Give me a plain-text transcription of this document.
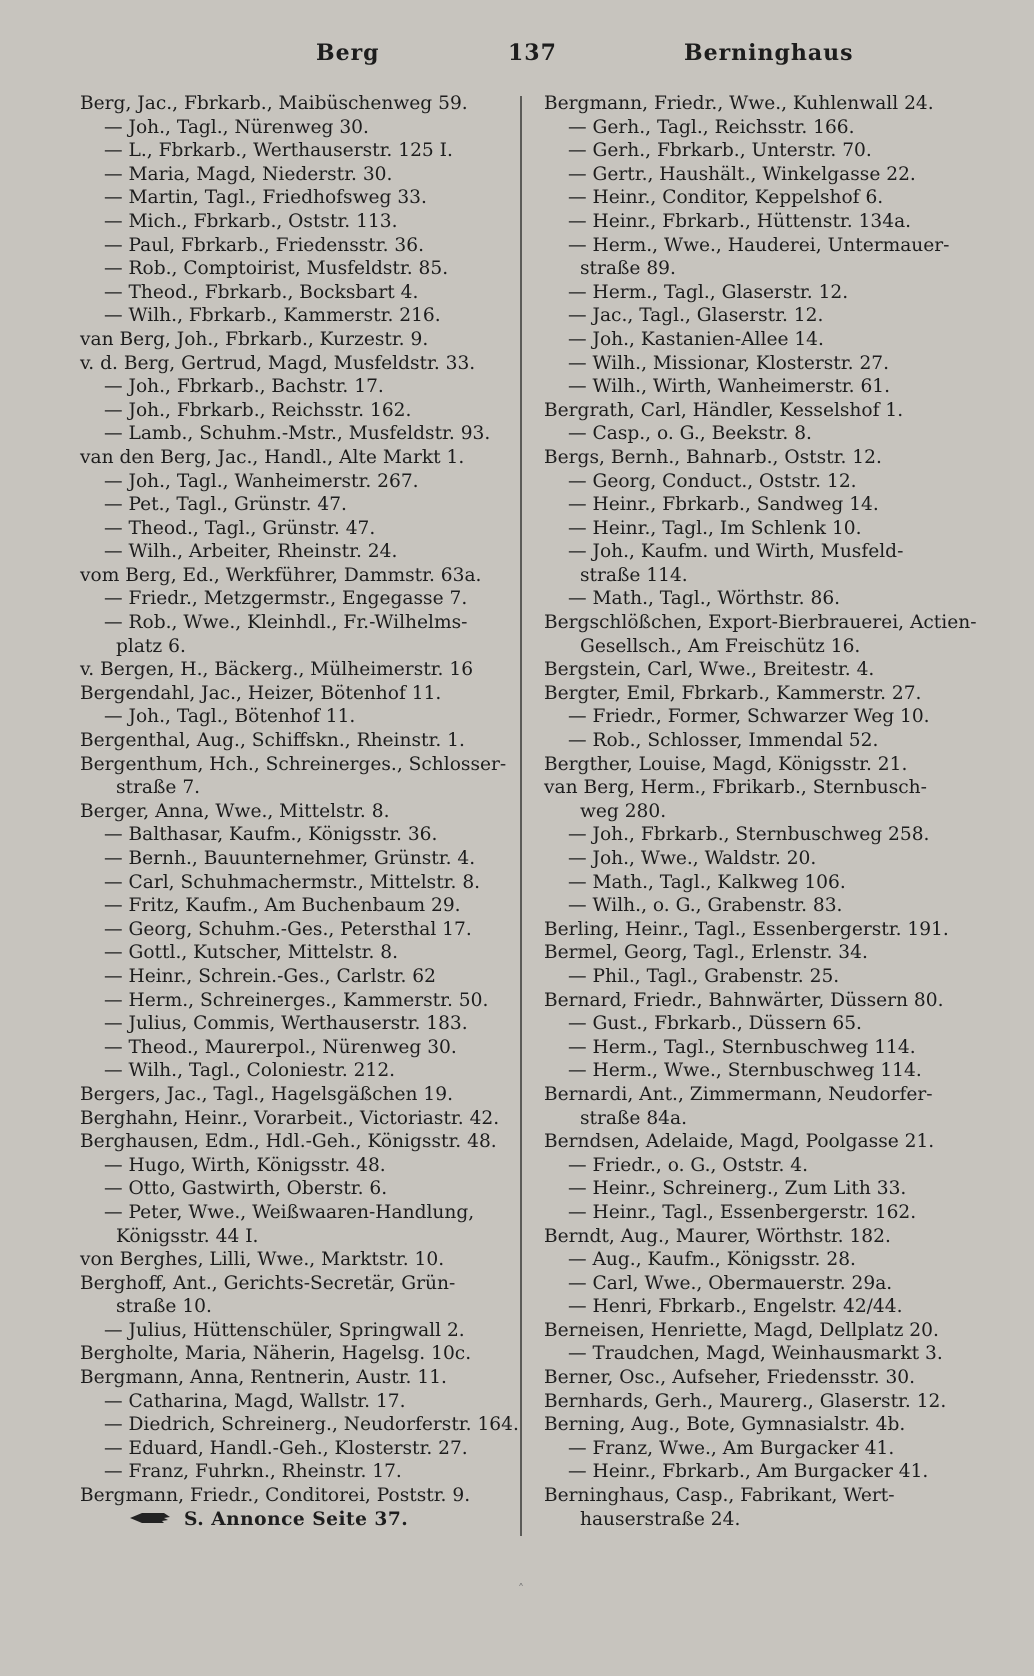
Berg	137	Berninghaus
Berg, Jac., Fbrkarb., Maibüschenweg 59.
— Joh., Tagl., Nürenweg 30.
— L., Fbrkarb., Werthauserstr. 125 I.
— Maria, Magd, Niederstr. 30.
— Martin, Tagl., Friedhofsweg 33.
— Mich., Fbrkarb., Oststr. 113.
— Paul, Fbrkarb., Friedensstr. 36.
— Rob., Comptoirist, Musfeldstr. 85.
— Theod., Fbrkarb., Bocksbart 4.
— Wilh., Fbrkarb., Kammerstr. 216.
van Berg, Joh., Fbrkarb., Kurzestr. 9.
v. d. Berg, Gertrud, Magd, Musfeldstr. 33.
— Joh., Fbrkarb., Bachstr. 17.
— Joh., Fbrkarb., Reichsstr. 162.
— Lamb., Schuhm.-Mstr., Musfeldstr. 93.
van den Berg, Jac., Handl., Alte Markt 1.
— Joh., Tagl., Wanheimerstr. 267.
— Pet., Tagl., Grünstr. 47.
— Theod., Tagl., Grünstr. 47.
— Wilh., Arbeiter, Rheinstr. 24.
vom Berg, Ed., Werkführer, Dammstr. 63a.
— Friedr., Metzgermstr., Engegasse 7.
— Rob., Wwe., Kleinhdl., Fr.-Wilhelms-
platz 6.
v. Bergen, H., Bäckerg., Mülheimerstr. 16
Bergendahl, Jac., Heizer, Bötenhof 11.
— Joh., Tagl., Bötenhof 11.
Bergenthal, Aug., Schiffskn., Rheinstr. 1.
Bergenthum, Hch., Schreinerges., Schlosser-
straße 7.
Berger, Anna, Wwe., Mittelstr. 8.
— Balthasar, Kaufm., Königsstr. 36.
— Bernh., Bauunternehmer, Grünstr. 4.
— Carl, Schuhmachermstr., Mittelstr. 8.
— Fritz, Kaufm., Am Buchenbaum 29.
— Georg, Schuhm.-Ges., Petersthal 17.
— Gottl., Kutscher, Mittelstr. 8.
— Heinr., Schrein.-Ges., Carlstr. 62
— Herm., Schreinerges., Kammerstr. 50.
— Julius, Commis, Werthauserstr. 183.
— Theod., Maurerpol., Nürenweg 30.
— Wilh., Tagl., Coloniestr. 212.
Bergers, Jac., Tagl., Hagelsgäßchen 19.
Berghahn, Heinr., Vorarbeit., Victoriastr. 42.
Berghausen, Edm., Hdl.-Geh., Königsstr. 48.
— Hugo, Wirth, Königsstr. 48.
— Otto, Gastwirth, Oberstr. 6.
— Peter, Wwe., Weißwaaren-Handlung,
Königsstr. 44 I.
von Berghes, Lilli, Wwe., Marktstr. 10.
Berghoff, Ant., Gerichts-Secretär, Grün-
straße 10.
— Julius, Hüttenschüler, Springwall 2.
Bergholte, Maria, Näherin, Hagelsg. 10c.
Bergmann, Anna, Rentnerin, Austr. 11.
— Catharina, Magd, Wallstr. 17.
— Diedrich, Schreinerg., Neudorferstr. 164.
— Eduard, Handl.-Geh., Klosterstr. 27.
— Franz, Fuhrkn., Rheinstr. 17.
Bergmann, Friedr., Conditorei, Poststr. 9.
S. Annonce Seite 37.
Bergmann, Friedr., Wwe., Kuhlenwall 24.
— Gerh., Tagl., Reichsstr. 166.
— Gerh., Fbrkarb., Unterstr. 70.
— Gertr., Haushält., Winkelgasse 22.
— Heinr., Conditor, Keppelshof 6.
— Heinr., Fbrkarb., Hüttenstr. 134a.
— Herm., Wwe., Hauderei, Untermauer-
straße 89.
— Herm., Tagl., Glaserstr. 12.
— Jac., Tagl., Glaserstr. 12.
— Joh., Kastanien-Allee 14.
— Wilh., Missionar, Klosterstr. 27.
— Wilh., Wirth, Wanheimerstr. 61.
Bergrath, Carl, Händler, Kesselshof 1.
— Casp., o. G., Beekstr. 8.
Bergs, Bernh., Bahnarb., Oststr. 12.
— Georg, Conduct., Oststr. 12.
— Heinr., Fbrkarb., Sandweg 14.
— Heinr., Tagl., Im Schlenk 10.
— Joh., Kaufm. und Wirth, Musfeld-
straße 114.
— Math., Tagl., Wörthstr. 86.
Bergschlößchen, Export-Bierbrauerei, Actien-
Gesellsch., Am Freischütz 16.
Bergstein, Carl, Wwe., Breitestr. 4.
Bergter, Emil, Fbrkarb., Kammerstr. 27.
— Friedr., Former, Schwarzer Weg 10.
— Rob., Schlosser, Immendal 52.
Bergther, Louise, Magd, Königsstr. 21.
van Berg, Herm., Fbrikarb., Sternbusch-
weg 280.
— Joh., Fbrkarb., Sternbuschweg 258.
— Joh., Wwe., Waldstr. 20.
— Math., Tagl., Kalkweg 106.
— Wilh., o. G., Grabenstr. 83.
Berling, Heinr., Tagl., Essenbergerstr. 191.
Bermel, Georg, Tagl., Erlenstr. 34.
— Phil., Tagl., Grabenstr. 25.
Bernard, Friedr., Bahnwärter, Düssern 80.
— Gust., Fbrkarb., Düssern 65.
— Herm., Tagl., Sternbuschweg 114.
— Herm., Wwe., Sternbuschweg 114.
Bernardi, Ant., Zimmermann, Neudorfer-
straße 84a.
Berndsen, Adelaide, Magd, Poolgasse 21.
— Friedr., o. G., Oststr. 4.
— Heinr., Schreinerg., Zum Lith 33.
— Heinr., Tagl., Essenbergerstr. 162.
Berndt, Aug., Maurer, Wörthstr. 182.
— Aug., Kaufm., Königsstr. 28.
— Carl, Wwe., Obermauerstr. 29a.
— Henri, Fbrkarb., Engelstr. 42/44.
Berneisen, Henriette, Magd, Dellplatz 20.
— Traudchen, Magd, Weinhausmarkt 3.
Berner, Osc., Aufseher, Friedensstr. 30.
Bernhards, Gerh., Maurerg., Glaserstr. 12.
Berning, Aug., Bote, Gymnasialstr. 4b.
— Franz, Wwe., Am Burgacker 41.
— Heinr., Fbrkarb., Am Burgacker 41.
Berninghaus, Casp., Fabrikant, Wert-
hauserstraße 24.
˄
